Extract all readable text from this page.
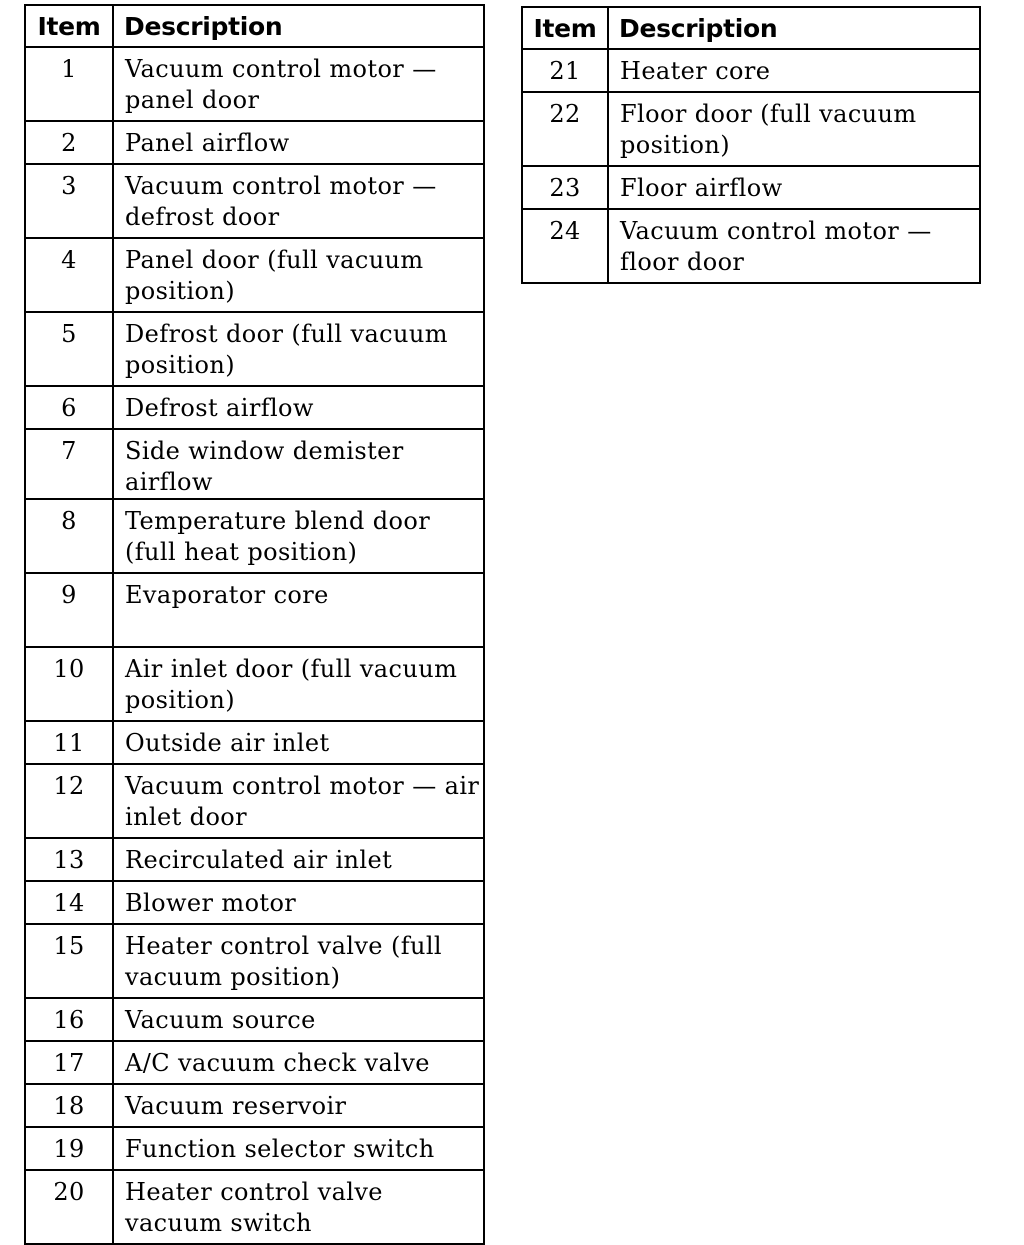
Item	Description
1	Vacuum control motor — panel door
2	Panel airflow
3	Vacuum control motor — defrost door
4	Panel door (full vacuum position)
5	Defrost door (full vacuum position)
6	Defrost airflow
7	Side window demister airflow
8	Temperature blend door (full heat position)
9	Evaporator core
10	Air inlet door (full vacuum position)
11	Outside air inlet
12	Vacuum control motor — air inlet door
13	Recirculated air inlet
14	Blower motor
15	Heater control valve (full vacuum position)
16	Vacuum source
17	A/C vacuum check valve
18	Vacuum reservoir
19	Function selector switch
20	Heater control valve vacuum switch
Item	Description
21	Heater core
22	Floor door (full vacuum position)
23	Floor airflow
24	Vacuum control motor — floor door
